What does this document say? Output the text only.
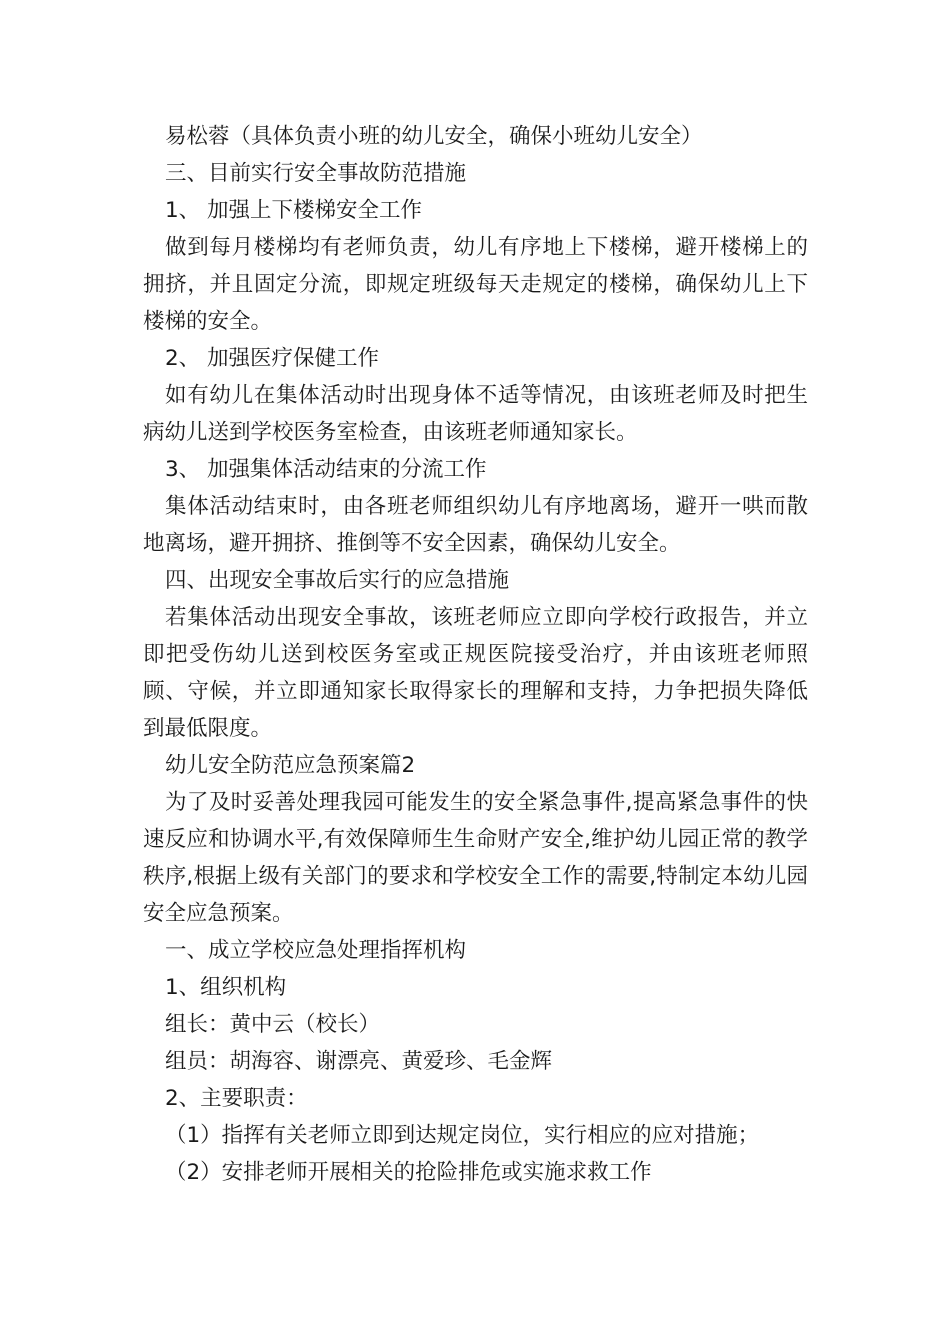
易松蓉（具体负责小班的幼儿安全，确保小班幼儿安全）

三、目前实行安全事故防范措施

1、 加强上下楼梯安全工作

做到每月楼梯均有老师负责，幼儿有序地上下楼梯，避开楼梯上的拥挤，并且固定分流，即规定班级每天走规定的楼梯，确保幼儿上下楼梯的安全。

2、 加强医疗保健工作

如有幼儿在集体活动时出现身体不适等情况，由该班老师及时把生病幼儿送到学校医务室检查，由该班老师通知家长。

3、 加强集体活动结束的分流工作

集体活动结束时，由各班老师组织幼儿有序地离场，避开一哄而散地离场，避开拥挤、推倒等不安全因素，确保幼儿安全。

四、出现安全事故后实行的应急措施

若集体活动出现安全事故，该班老师应立即向学校行政报告，并立即把受伤幼儿送到校医务室或正规医院接受治疗，并由该班老师照顾、守候，并立即通知家长取得家长的理解和支持，力争把损失降低到最低限度。

幼儿安全防范应急预案篇2

为了及时妥善处理我园可能发生的安全紧急事件,提高紧急事件的快速反应和协调水平,有效保障师生生命财产安全,维护幼儿园正常的教学秩序,根据上级有关部门的要求和学校安全工作的需要,特制定本幼儿园安全应急预案。

一、成立学校应急处理指挥机构

1、组织机构

组长：黄中云（校长）

组员：胡海容、谢漂亮、黄爱珍、毛金辉

2、主要职责：

（1）指挥有关老师立即到达规定岗位，实行相应的应对措施；

（2）安排老师开展相关的抢险排危或实施求救工作
